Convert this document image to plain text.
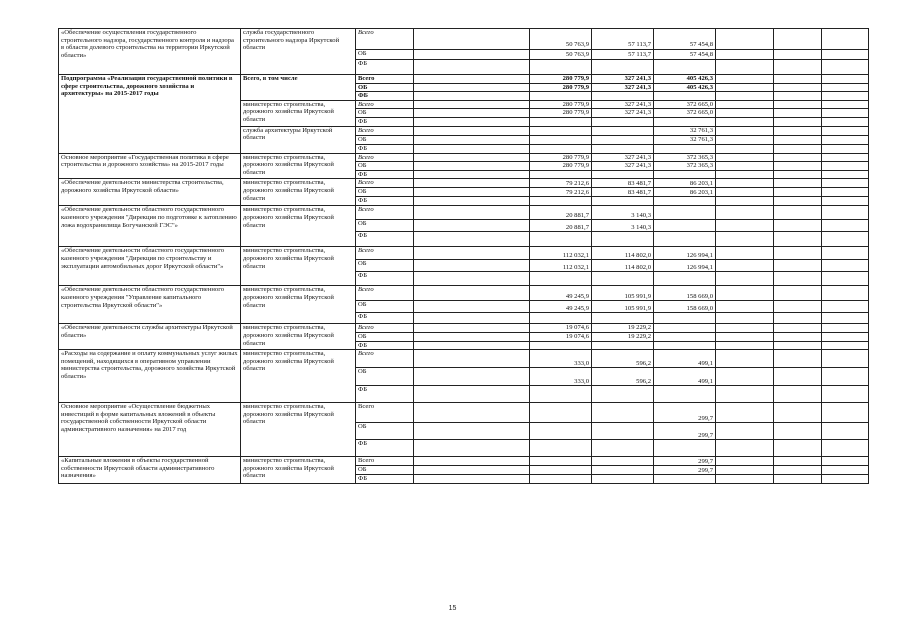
«Обеспечение осуществления государственного строительного надзора, государственного контроля и надзора в области долевого строительства на территории Иркутской области»	служба государственного строительного надзора Иркутской области	Всего		50 763,9	57 113,7	57 454,8			
		ОБ		50 763,9	57 113,7	57 454,8			
		ФБ							
Подпрограмма «Реализация государственной политики в сфере строительства, дорожного хозяйства и архитектуры» на 2015-2017 годы	Всего, в том числе	Всего		280 779,9	327 241,3	405 426,3			
		ОБ		280 779,9	327 241,3	405 426,3			
		ФБ							
	министерство строительства, дорожного хозяйства Иркутской области	Всего		280 779,9	327 241,3	372 665,0			
		ОБ		280 779,9	327 241,3	372 665,0			
		ФБ							
	служба архитектуры Иркутской области	Всего				32 761,3			
		ОБ				32 761,3			
		ФБ							
Основное мероприятие «Государственная политика в сфере строительства и дорожного хозяйства» на 2015-2017 годы	министерство строительства, дорожного хозяйства Иркутской области	Всего		280 779,9	327 241,3	372 365,3			
		ОБ		280 779,9	327 241,3	372 365,3			
		ФБ							
«Обеспечение деятельности министерства строительства, дорожного хозяйства Иркутской области»	министерство строительства, дорожного хозяйства Иркутской области	Всего		79 212,6	83 481,7	86 203,1			
		ОБ		79 212,6	83 481,7	86 203,1			
		ФБ							
«Обеспечение деятельности областного государственного казенного учреждения "Дирекция по подготовке к затоплению ложа водохранилища Богучанской ГЭС"»	министерство строительства, дорожного хозяйства Иркутской области	Всего		20 881,7	3 140,3				
		ОБ		20 881,7	3 140,3				
		ФБ							
«Обеспечение деятельности областного государственного казенного учреждения "Дирекция по строительству и эксплуатации автомобильных дорог Иркутской области"»	министерство строительства, дорожного хозяйства Иркутской области	Всего		112 032,1	114 802,0	126 994,1			
		ОБ		112 032,1	114 802,0	126 994,1			
		ФБ							
«Обеспечение деятельности областного государственного казенного учреждения "Управление капитального строительства Иркутской области"»	министерство строительства, дорожного хозяйства Иркутской области	Всего		49 245,9	105 991,9	158 669,0			
		ОБ		49 245,9	105 991,9	158 669,0			
		ФБ							
«Обеспечение деятельности службы архитектуры Иркутской области»	министерство строительства, дорожного хозяйства Иркутской области	Всего		19 074,6	19 229,2				
		ОБ		19 074,6	19 229,2				
		ФБ							
«Расходы на содержание и оплату коммунальных услуг жилых помещений, находящихся в оперативном управлении министерства строительства, дорожного хозяйства Иркутской области»	министерство строительства, дорожного хозяйства Иркутской области	Всего		333,0	596,2	499,1			
		ОБ		333,0	596,2	499,1			
		ФБ							
Основное мероприятие «Осуществление бюджетных инвестиций в форме капитальных вложений в объекты государственной собственности Иркутской области административного назначения» на 2017 год	министерство строительства, дорожного хозяйства Иркутской области	Всего				299,7			
		ОБ				299,7			
		ФБ							
«Капитальные вложения в объекты государственной собственности Иркутской области административного назначения»	министерство строительства, дорожного хозяйства Иркутской области	Всего				299,7			
		ОБ				299,7			
		ФБ							
15
